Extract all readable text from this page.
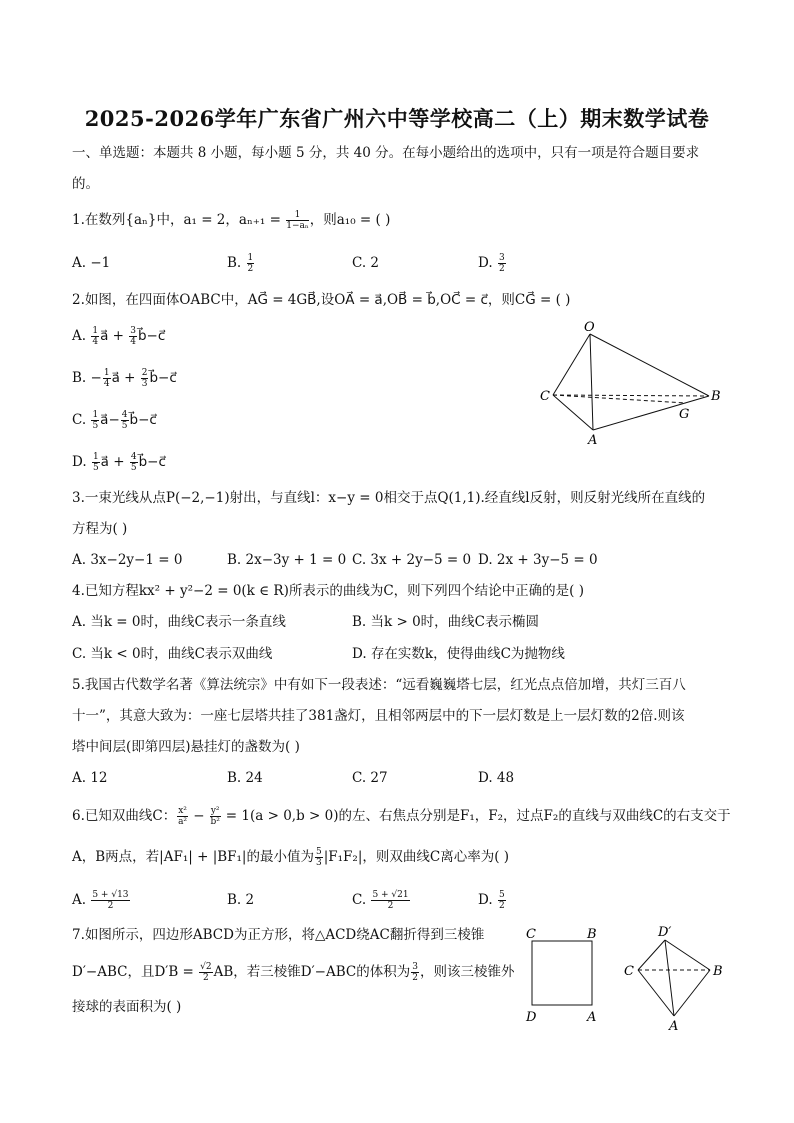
2025-2026学年广东省广州六中等学校高二（上）期末数学试卷
一、单选题：本题共 8 小题，每小题 5 分，共 40 分。在每小题给出的选项中，只有一项是符合题目要求
的。
1.在数列{aₙ}中，a₁ = 2，$a_{n+1} = \frac{1}{\text{1−aₙ}}$ ，则a₁₀ = ( )
A. −1	B. $\frac{1}{2}$	C. 2	D. $\frac{3}{2}$
2.如图，在四面体OABC中，AG⃗ = 4GB⃗,设OA⃗ = a⃗,OB⃗ = b⃗,OC⃗ = c⃗，则CG⃗ = ( )
A. $\frac{1}{4}$ a⃗ + $\frac{3}{4}$ b⃗−c⃗
B. − $\frac{1}{4}$ a⃗ + $\frac{2}{3}$ b⃗−c⃗
C. $\frac{1}{5}$ a⃗− $\frac{4}{5}$ b⃗−c⃗
D. $\frac{1}{5}$ a⃗ + $\frac{4}{5}$ b⃗−c⃗
O
C	B
G
A
3.一束光线从点P(−2,−1)射出，与直线l：x−y = 0相交于点Q(1,1).经直线l反射，则反射光线所在直线的
方程为( )
A. 3x−2y−1 = 0	B. 2x−3y + 1 = 0 C. 3x + 2y−5 = 0 D. 2x + 3y−5 = 0
4.已知方程kx² + y²−2 = 0(k ∈ R)所表示的曲线为C，则下列四个结论中正确的是( )
A. 当k = 0时，曲线C表示一条直线	B. 当k > 0时，曲线C表示椭圆
C. 当k < 0时，曲线C表示双曲线	D. 存在实数k，使得曲线C为抛物线
5.我国古代数学名著《算法统宗》中有如下一段表述：“远看巍巍塔七层，红光点点倍加增，共灯三百八
十一”，其意大致为：一座七层塔共挂了381盏灯，且相邻两层中的下一层灯数是上一层灯数的2倍.则该
塔中间层(即第四层)悬挂灯的盏数为( )
A. 12	B. 24	C. 27	D. 48
6.已知双曲线C： $\frac{\text{x²}}{\text{a²}} - \frac{\text{y²}}{\text{b²}} = 1(a > 0,b > 0)$的左、右焦点分别是F₁，F₂，过点F₂的直线与双曲线C的右支交于
A，B两点，若|AF₁| + |BF₁|的最小值为 $\frac{5}{3} |F_1F_2|$，则双曲线C离心率为( )
A. $\frac{5 + √13}{2}$	B. 2	C. $\frac{5 + √21}{2}$	D. $\frac{5}{2}$
7.如图所示，四边形ABCD为正方形，将△ACD绕AC翻折得到三棱锥
D′−ABC，且$D'B = \frac{√2}{2}$ AB，若三棱锥D′−ABC的体积为 $\frac{3}{2}$ ，则该三棱锥外
接球的表面积为( )
C	B
D	A
D′
C	B
A
